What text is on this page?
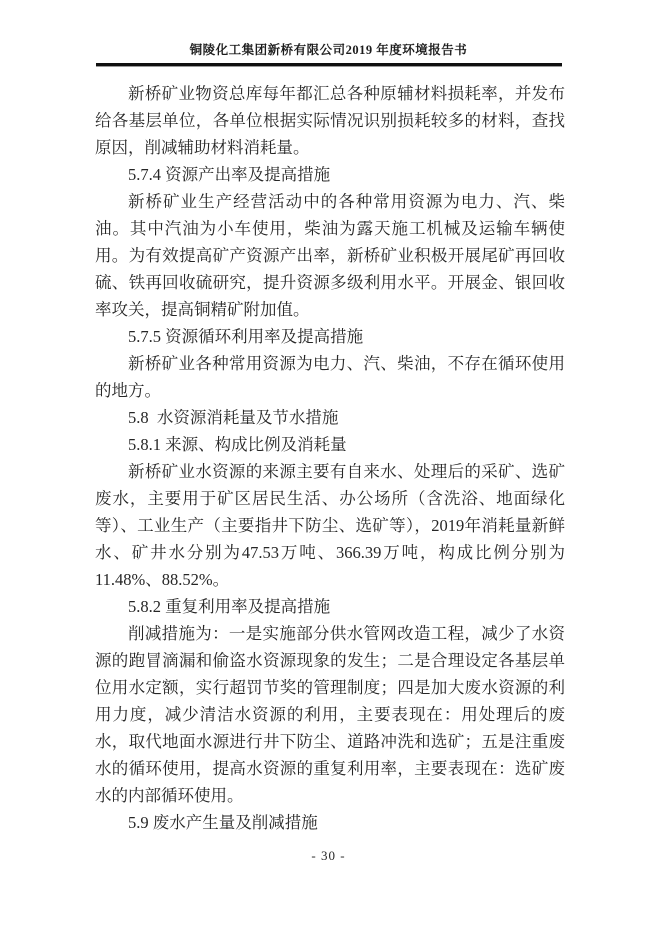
铜陵化工集团新桥有限公司2019 年度环境报告书

新桥矿业物资总库每年都汇总各种原辅材料损耗率，并发布给各基层单位，各单位根据实际情况识别损耗较多的材料，查找原因，削减辅助材料消耗量。

5.7.4 资源产出率及提高措施

新桥矿业生产经营活动中的各种常用资源为电力、汽、柴油。其中汽油为小车使用，柴油为露天施工机械及运输车辆使用。为有效提高矿产资源产出率，新桥矿业积极开展尾矿再回收硫、铁再回收硫研究，提升资源多级利用水平。开展金、银回收率攻关，提高铜精矿附加值。

5.7.5 资源循环利用率及提高措施

新桥矿业各种常用资源为电力、汽、柴油，不存在循环使用的地方。

5.8  水资源消耗量及节水措施

5.8.1 来源、构成比例及消耗量

新桥矿业水资源的来源主要有自来水、处理后的采矿、选矿废水，主要用于矿区居民生活、办公场所（含洗浴、地面绿化等）、工业生产（主要指井下防尘、选矿等），2019年消耗量新鲜水、矿井水分别为47.53万吨、366.39万吨，构成比例分别为11.48%、88.52%。

5.8.2 重复利用率及提高措施

削减措施为：一是实施部分供水管网改造工程，减少了水资源的跑冒滴漏和偷盗水资源现象的发生；二是合理设定各基层单位用水定额，实行超罚节奖的管理制度；四是加大废水资源的利用力度，减少清洁水资源的利用，主要表现在：用处理后的废水，取代地面水源进行井下防尘、道路冲洗和选矿；五是注重废水的循环使用，提高水资源的重复利用率，主要表现在：选矿废水的内部循环使用。

5.9 废水产生量及削减措施

- 30 -
